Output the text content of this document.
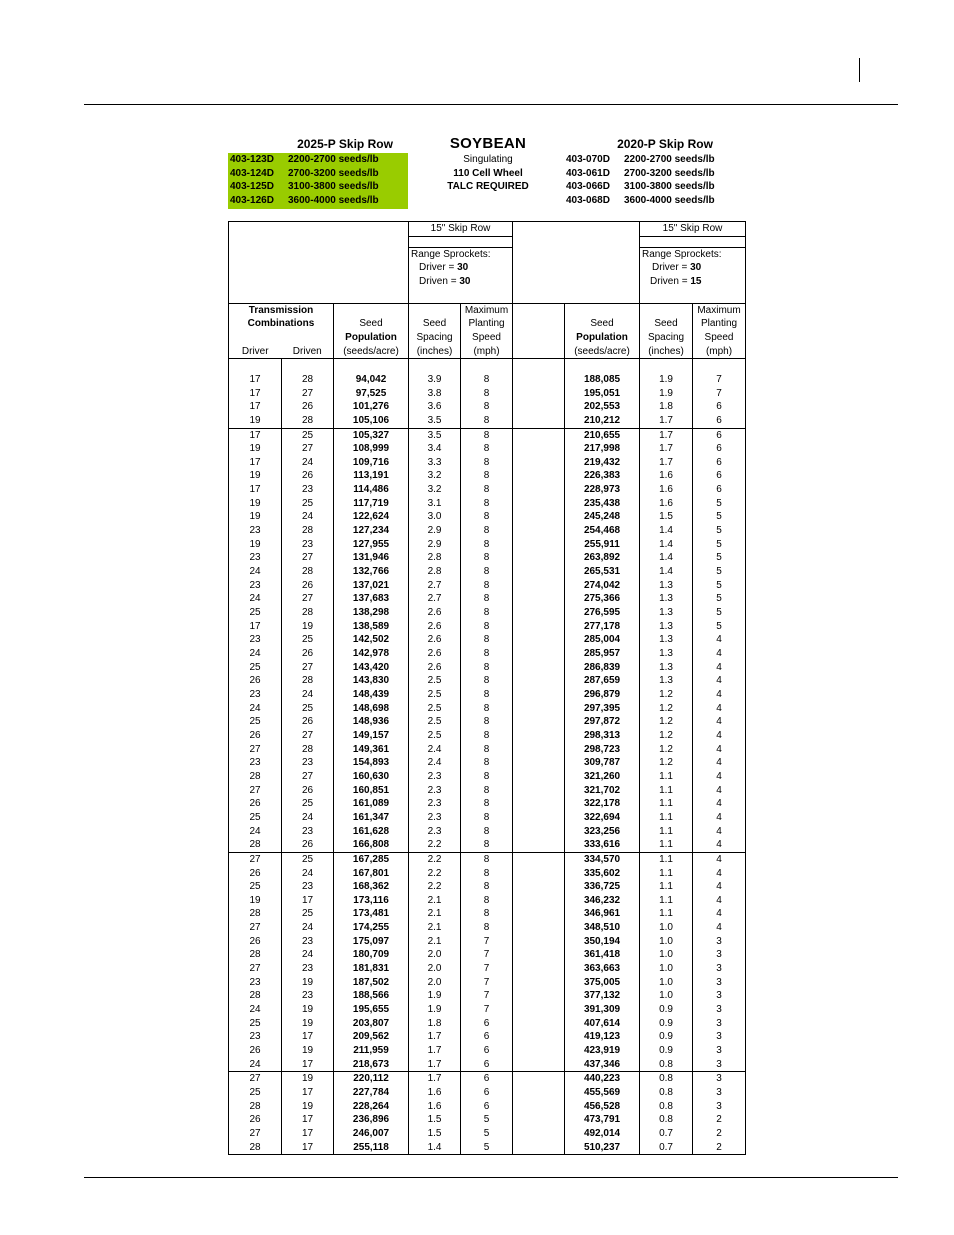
2025-P Skip Row	SOYBEAN	2020-P Skip Row
Singulating
110 Cell Wheel
TALC REQUIRED
403-123D 2200-2700 seeds/lb
403-124D 2700-3200 seeds/lb
403-125D 3100-3800 seeds/lb
403-126D 3600-4000 seeds/lb
403-070D 2200-2700 seeds/lb
403-061D 2700-3200 seeds/lb
403-066D 3100-3800 seeds/lb
403-068D 3600-4000 seeds/lb
			15" Skip Row				15" Skip Row	

			Range Sprockets:				Range Sprockets:	
			Driver = 30				Driver = 30	
			Driven = 30				Driven = 15	

Transmission				Maximum				Maximum
Combinations		Seed	Seed	Planting		Seed	Seed	Planting
		Population	Spacing	Speed		Population	Spacing	Speed
Driver	Driven	(seeds/acre)	(inches)	(mph)		(seeds/acre)	(inches)	(mph)

17	28	94,042	3.9	8		188,085	1.9	7
17	27	97,525	3.8	8		195,051	1.9	7
17	26	101,276	3.6	8		202,553	1.8	6
19	28	105,106	3.5	8		210,212	1.7	6
17	25	105,327	3.5	8		210,655	1.7	6
19	27	108,999	3.4	8		217,998	1.7	6
17	24	109,716	3.3	8		219,432	1.7	6
19	26	113,191	3.2	8		226,383	1.6	6
17	23	114,486	3.2	8		228,973	1.6	6
19	25	117,719	3.1	8		235,438	1.6	5
19	24	122,624	3.0	8		245,248	1.5	5
23	28	127,234	2.9	8		254,468	1.4	5
19	23	127,955	2.9	8		255,911	1.4	5
23	27	131,946	2.8	8		263,892	1.4	5
24	28	132,766	2.8	8		265,531	1.4	5
23	26	137,021	2.7	8		274,042	1.3	5
24	27	137,683	2.7	8		275,366	1.3	5
25	28	138,298	2.6	8		276,595	1.3	5
17	19	138,589	2.6	8		277,178	1.3	5
23	25	142,502	2.6	8		285,004	1.3	4
24	26	142,978	2.6	8		285,957	1.3	4
25	27	143,420	2.6	8		286,839	1.3	4
26	28	143,830	2.5	8		287,659	1.3	4
23	24	148,439	2.5	8		296,879	1.2	4
24	25	148,698	2.5	8		297,395	1.2	4
25	26	148,936	2.5	8		297,872	1.2	4
26	27	149,157	2.5	8		298,313	1.2	4
27	28	149,361	2.4	8		298,723	1.2	4
23	23	154,893	2.4	8		309,787	1.2	4
28	27	160,630	2.3	8		321,260	1.1	4
27	26	160,851	2.3	8		321,702	1.1	4
26	25	161,089	2.3	8		322,178	1.1	4
25	24	161,347	2.3	8		322,694	1.1	4
24	23	161,628	2.3	8		323,256	1.1	4
28	26	166,808	2.2	8		333,616	1.1	4
27	25	167,285	2.2	8		334,570	1.1	4
26	24	167,801	2.2	8		335,602	1.1	4
25	23	168,362	2.2	8		336,725	1.1	4
19	17	173,116	2.1	8		346,232	1.1	4
28	25	173,481	2.1	8		346,961	1.1	4
27	24	174,255	2.1	8		348,510	1.0	4
26	23	175,097	2.1	7		350,194	1.0	3
28	24	180,709	2.0	7		361,418	1.0	3
27	23	181,831	2.0	7		363,663	1.0	3
23	19	187,502	2.0	7		375,005	1.0	3
28	23	188,566	1.9	7		377,132	1.0	3
24	19	195,655	1.9	7		391,309	0.9	3
25	19	203,807	1.8	6		407,614	0.9	3
23	17	209,562	1.7	6		419,123	0.9	3
26	19	211,959	1.7	6		423,919	0.9	3
24	17	218,673	1.7	6		437,346	0.8	3
27	19	220,112	1.7	6		440,223	0.8	3
25	17	227,784	1.6	6		455,569	0.8	3
28	19	228,264	1.6	6		456,528	0.8	3
26	17	236,896	1.5	5		473,791	0.8	2
27	17	246,007	1.5	5		492,014	0.7	2
28	17	255,118	1.4	5		510,237	0.7	2
